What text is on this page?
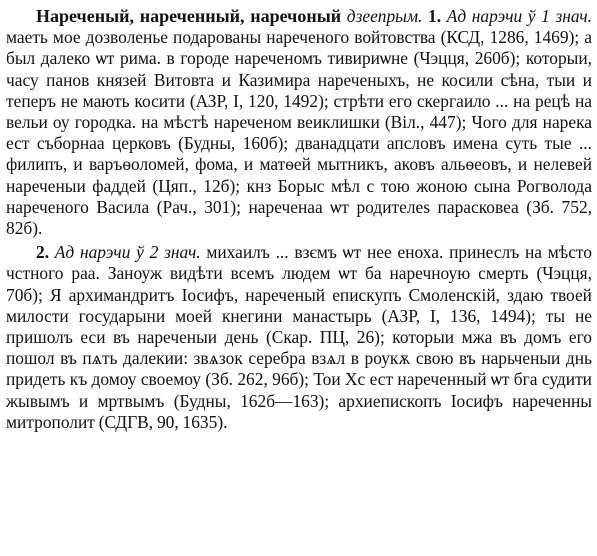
Нареченый, нареченный, наречоный дзеепрым. 1. Ад нарэчи ў 1 знач. маеть мое дозволенье подарованы нареченого войтовства (КСД, 1286, 1469); а был далеко ѡт рима. в городе нареченомъ тивириѡне (Чэцця, 260б); которыи, часу панов князей Витовта и Казимира нареченыхъ, не косили сѣна, тыи и теперъ не мають косити (АЗР, I, 120, 1492); стрѣти его скергаило ... на рецѣ на вельи оу городка. на мѣстѣ нареченом веиклишки (Віл., 447); Чого для нарека ест съборнаа церковъ (Будны, 160б); дванадцати апсловъ имена суть тые ... филипъ, и варъѳоломей, фома, и матѳей мытникъ, аковъ альѳеовъ, и нелевей нареченыи фаддей (Цяп., 12б); кнз Борыс мѣл с тою жоною сына Рогволода нареченого Васила (Рач., 301); нареченаа ѡт родителеѕ парасковеа (Зб. 752, 82б).

2. Ад нарэчи ў 2 знач. михаилъ ... взємъ ѡт нее еноха. принеслъ на мѣсто чстного раа. Заноуж видѣти всемъ людем ѡт ба наречноую смерть (Чэцця, 70б); Я архимандритъ Іосифъ, нареченый епискупъ Смоленскій, здаю твоей милости государыни моей кнегини манастырь (АЗР, I, 136, 1494); ты не пришолъ еси въ нареченыи день (Скар. ПЦ, 26); которыи мжа въ домъ его пошол въ пѧть далекии: звѧзок серебра взѧл в роукѫ свою въ нарьченыи днь придеть къ домоу своемоу (Зб. 262, 96б); Тои Хс ест нареченный ѡт бга судити жывымъ и мртвымъ (Будны, 162б—163); архиепископъ Іосифъ нареченны митрополит (СДГВ, 90, 1635).
